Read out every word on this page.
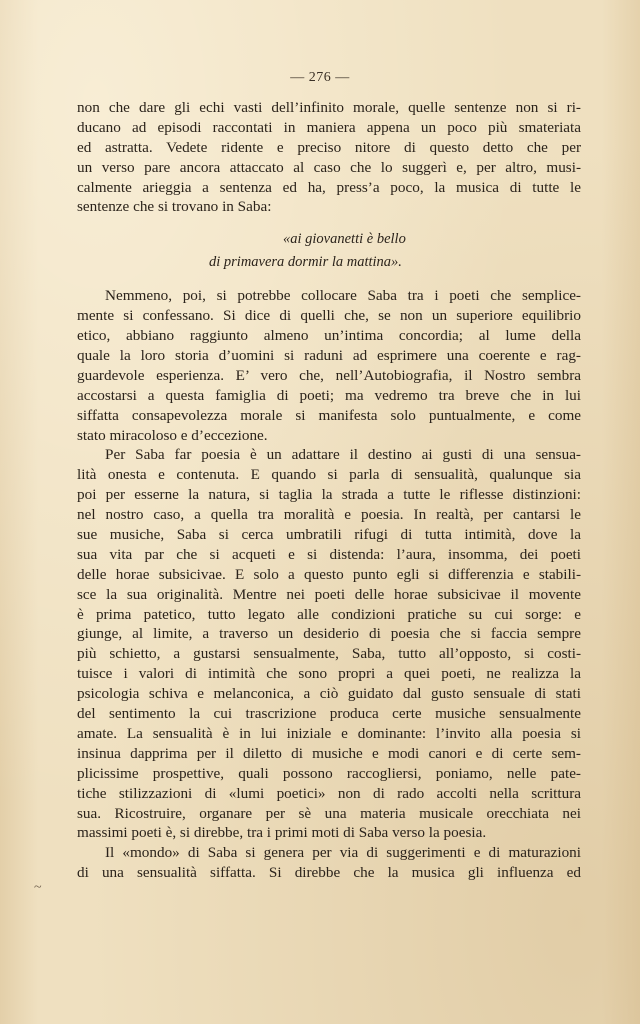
— 276 —
non che dare gli echi vasti dell’infinito morale, quelle sentenze non si ri-
ducano ad episodi raccontati in maniera appena un poco più smateriata
ed astratta. Vedete ridente e preciso nitore di questo detto che per
un verso pare ancora attaccato al caso che lo suggerì e, per altro, musi-
calmente arieggia a sentenza ed ha, press’a poco, la musica di tutte le
sentenze che si trovano in Saba:
«ai giovanetti è bello
di primavera dormir la mattina».
Nemmeno, poi, si potrebbe collocare Saba tra i poeti che semplice-
mente si confessano. Si dice di quelli che, se non un superiore equilibrio
etico, abbiano raggiunto almeno un’intima concordia; al lume della
quale la loro storia d’uomini si raduni ad esprimere una coerente e rag-
guardevole esperienza. E’ vero che, nell’Autobiografia, il Nostro sembra
accostarsi a questa famiglia di poeti; ma vedremo tra breve che in lui
siffatta consapevolezza morale si manifesta solo puntualmente, e come
stato miracoloso e d’eccezione.
Per Saba far poesia è un adattare il destino ai gusti di una sensua-
lità onesta e contenuta. E quando si parla di sensualità, qualunque sia
poi per esserne la natura, si taglia la strada a tutte le riflesse distinzioni:
nel nostro caso, a quella tra moralità e poesia. In realtà, per cantarsi le
sue musiche, Saba si cerca umbratili rifugi di tutta intimità, dove la
sua vita par che si acqueti e si distenda: l’aura, insomma, dei poeti
delle horae subsicivae. E solo a questo punto egli si differenzia e stabili-
sce la sua originalità. Mentre nei poeti delle horae subsicivae il movente
è prima patetico, tutto legato alle condizioni pratiche su cui sorge: e
giunge, al limite, a traverso un desiderio di poesia che si faccia sempre
più schietto, a gustarsi sensualmente, Saba, tutto all’opposto, si costi-
tuisce i valori di intimità che sono propri a quei poeti, ne realizza la
psicologia schiva e melanconica, a ciò guidato dal gusto sensuale di stati
del sentimento la cui trascrizione produca certe musiche sensualmente
amate. La sensualità è in lui iniziale e dominante: l’invito alla poesia si
insinua dapprima per il diletto di musiche e modi canori e di certe sem-
plicissime prospettive, quali possono raccogliersi, poniamo, nelle pate-
tiche stilizzazioni di «lumi poetici» non di rado accolti nella scrittura
sua. Ricostruire, organare per sè una materia musicale orecchiata nei
massimi poeti è, si direbbe, tra i primi moti di Saba verso la poesia.
Il «mondo» di Saba si genera per via di suggerimenti e di maturazioni
di una sensualità siffatta. Si direbbe che la musica gli influenza ed
~
